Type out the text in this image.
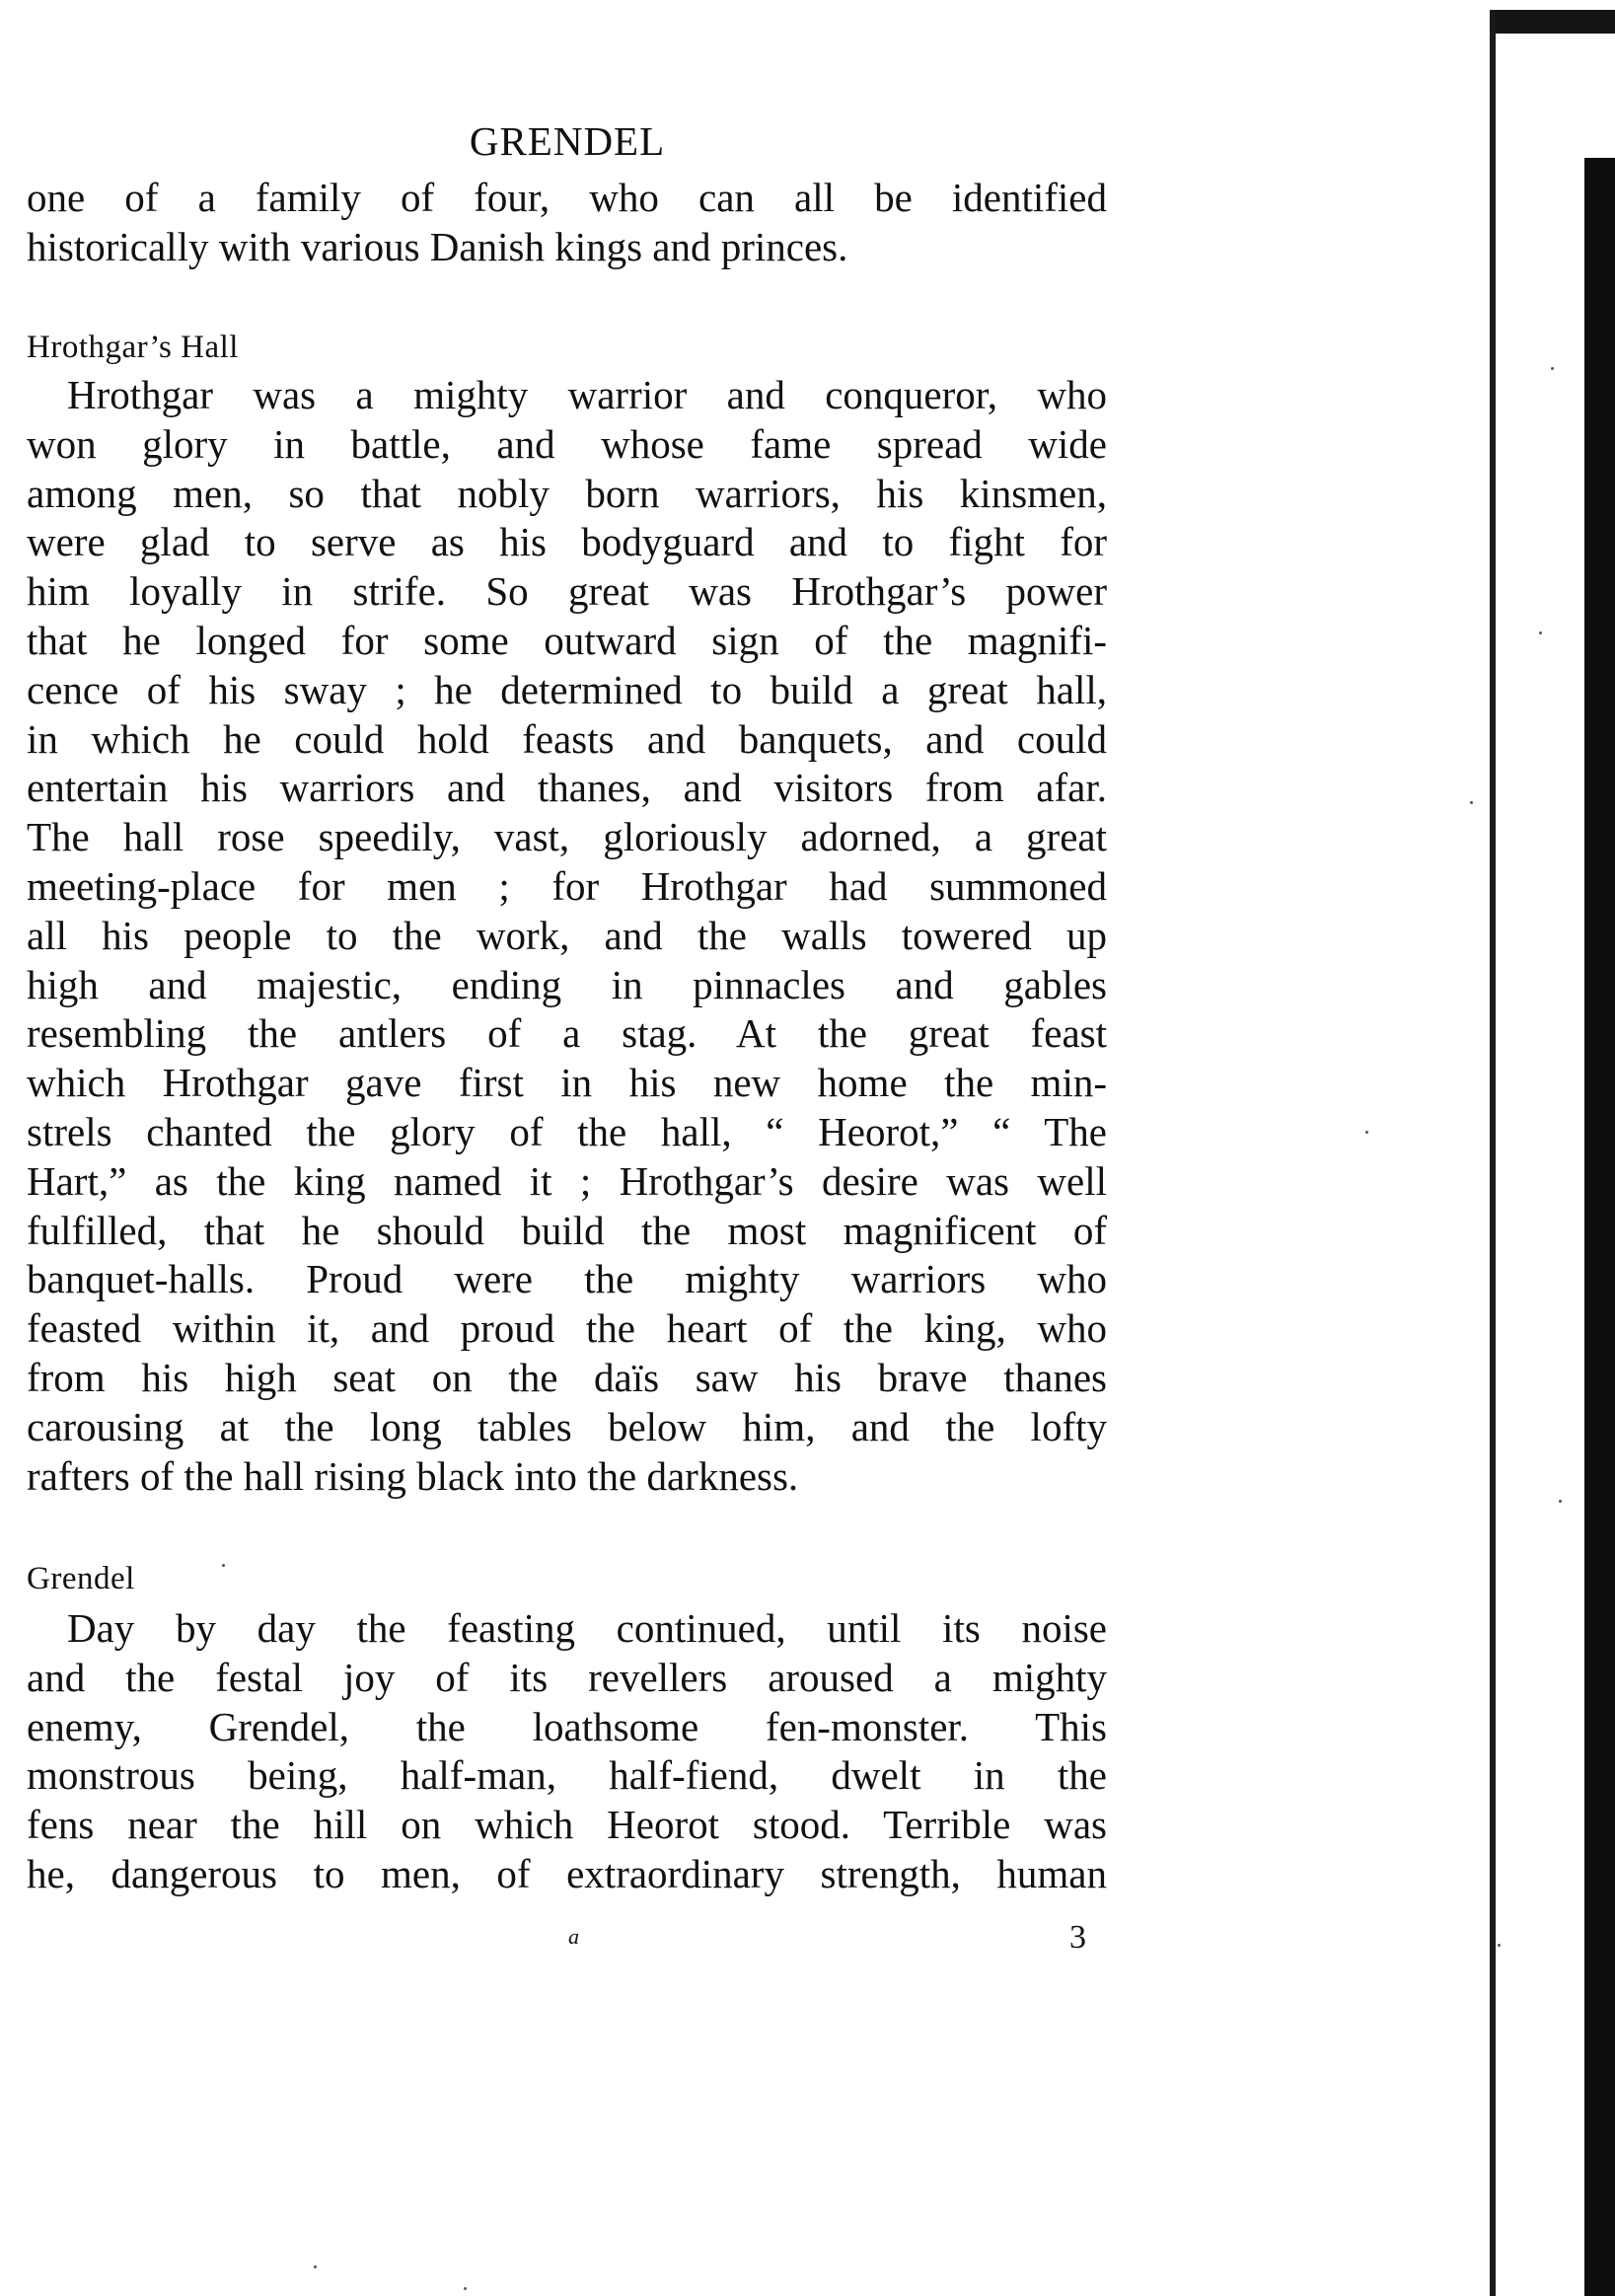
GRENDEL
one of a family of four, who can all be identified
historically with various Danish kings and princes.
Hrothgar’s Hall
 Hrothgar was a mighty warrior and conqueror, who
won glory in battle, and whose fame spread wide
among men, so that nobly born warriors, his kinsmen,
were glad to serve as his bodyguard and to fight for
him loyally in strife. So great was Hrothgar’s power
that he longed for some outward sign of the magnifi-
cence of his sway ; he determined to build a great hall,
in which he could hold feasts and banquets, and could
entertain his warriors and thanes, and visitors from afar.
The hall rose speedily, vast, gloriously adorned, a great
meeting-place for men ; for Hrothgar had summoned
all his people to the work, and the walls towered up
high and majestic, ending in pinnacles and gables
resembling the antlers of a stag. At the great feast
which Hrothgar gave first in his new home the min-
strels chanted the glory of the hall, “ Heorot,” “ The
Hart,” as the king named it ; Hrothgar’s desire was well
fulfilled, that he should build the most magnificent of
banquet-halls. Proud were the mighty warriors who
feasted within it, and proud the heart of the king, who
from his high seat on the daïs saw his brave thanes
carousing at the long tables below him, and the lofty
rafters of the hall rising black into the darkness.
Grendel
 Day by day the feasting continued, until its noise
and the festal joy of its revellers aroused a mighty
enemy, Grendel, the loathsome fen-monster. This
monstrous being, half-man, half-fiend, dwelt in the
fens near the hill on which Heorot stood. Terrible was
he, dangerous to men, of extraordinary strength, human
a	3
